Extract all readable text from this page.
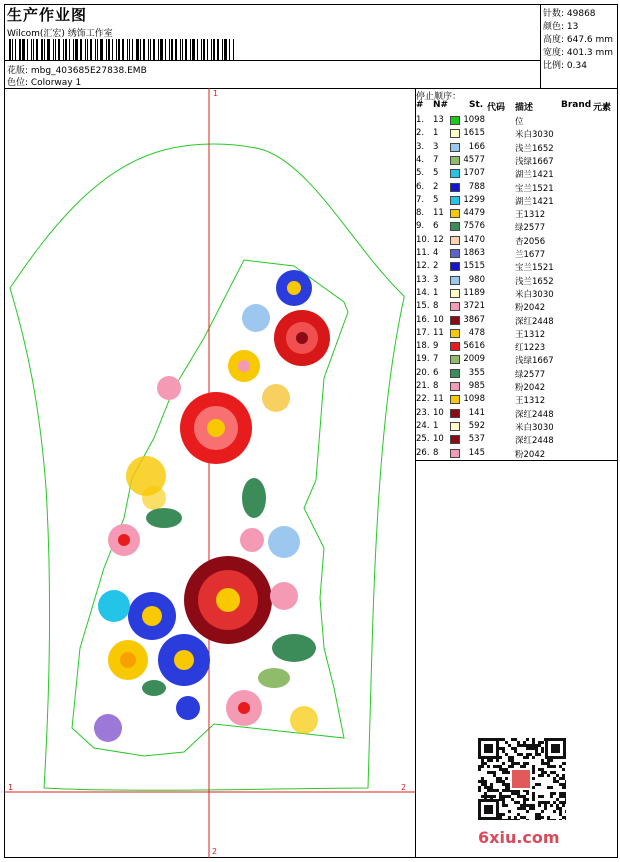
生产作业图
Wilcom(汇宏) 绣饰工作室
花版: mbg_403685E27838.EMB
色位: Colorway 1
针数: 49868
颜色: 13
高度: 647.6 mm
宽度: 401.3 mm
比例: 0.34
1
1	2
2
停止顺序：
# N# St. 代码 描述	Brand 元素
1. 13 1098	位
2. 1	1615	米白3030
3. 3	166	浅兰1652
4. 7	4577	浅绿1667
5. 5	1707	湖兰1421
6. 2	788	宝兰1521
7. 5	1299	湖兰1421
8. 11 4479	王1312
9. 6	7576	绿2577
10. 12 1470	杏2056
11. 4	1863	兰1677
12. 2	1515	宝兰1521
13. 3	980	浅兰1652
14. 1	1189	米白3030
15. 8	3721	粉2042
16. 10 3867	深红2448
17. 11	478	王1312
18. 9	5616	红1223
19. 7	2009	浅绿1667
20. 6	355	绿2577
21. 8	985	粉2042
22. 11 1098	王1312
23. 10	141	深红2448
24. 1	592	米白3030
25. 10	537	深红2448
26. 8	145	粉2042
6xiu.com
